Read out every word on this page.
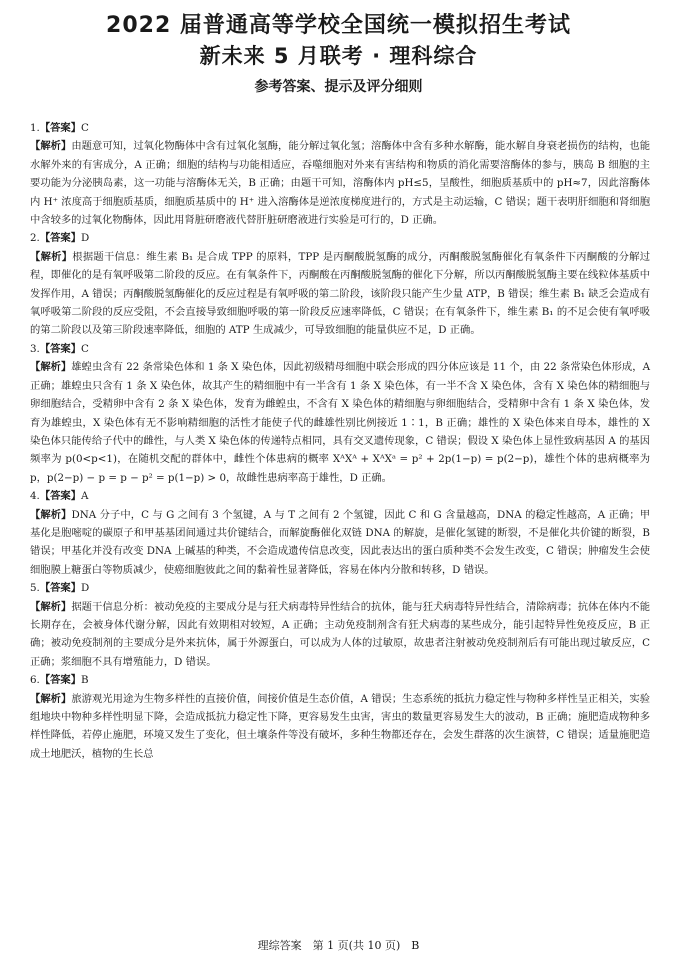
2022 届普通高等学校全国统一模拟招生考试
新未来 5 月联考 · 理科综合
参考答案、提示及评分细则

1.【答案】C

【解析】由题意可知，过氧化物酶体中含有过氧化氢酶，能分解过氧化氢；溶酶体中含有多种水解酶，能水解自身衰老损伤的结构，也能水解外来的有害成分，A 正确；细胞的结构与功能相适应，吞噬细胞对外来有害结构和物质的消化需要溶酶体的参与，胰岛 B 细胞的主要功能为分泌胰岛素，这一功能与溶酶体无关，B 正确；由题干可知，溶酶体内 pH≤5，呈酸性，细胞质基质中的 pH≈7，因此溶酶体内 H⁺ 浓度高于细胞质基质，细胞质基质中的 H⁺ 进入溶酶体是逆浓度梯度进行的，方式是主动运输，C 错误；题干表明肝细胞和肾细胞中含较多的过氧化物酶体，因此用肾脏研磨液代替肝脏研磨液进行实验是可行的，D 正确。

2.【答案】D

【解析】根据题干信息：维生素 B₁ 是合成 TPP 的原料，TPP 是丙酮酸脱氢酶的成分，丙酮酸脱氢酶催化有氧条件下丙酮酸的分解过程，即催化的是有氧呼吸第二阶段的反应。在有氧条件下，丙酮酸在丙酮酸脱氢酶的催化下分解，所以丙酮酸脱氢酶主要在线粒体基质中发挥作用，A 错误；丙酮酸脱氢酶催化的反应过程是有氧呼吸的第二阶段，该阶段只能产生少量 ATP，B 错误；维生素 B₁ 缺乏会造成有氧呼吸第二阶段的反应受阻，不会直接导致细胞呼吸的第一阶段反应速率降低，C 错误；在有氧条件下，维生素 B₁ 的不足会使有氧呼吸的第二阶段以及第三阶段速率降低，细胞的 ATP 生成减少，可导致细胞的能量供应不足，D 正确。

3.【答案】C

【解析】雄蝗虫含有 22 条常染色体和 1 条 X 染色体，因此初级精母细胞中联会形成的四分体应该是 11 个，由 22 条常染色体形成，A 正确；雄蝗虫只含有 1 条 X 染色体，故其产生的精细胞中有一半含有 1 条 X 染色体，有一半不含 X 染色体，含有 X 染色体的精细胞与卵细胞结合，受精卵中含有 2 条 X 染色体，发育为雌蝗虫，不含有 X 染色体的精细胞与卵细胞结合，受精卵中含有 1 条 X 染色体，发育为雄蝗虫，X 染色体有无不影响精细胞的活性才能使子代的雌雄性别比例接近 1∶1，B 正确；雄性的 X 染色体来自母本，雄性的 X 染色体只能传给子代中的雌性，与人类 X 染色体的传递特点相同，具有交叉遗传现象，C 错误；假设 X 染色体上显性致病基因 A 的基因频率为 p(0<p<1)，在随机交配的群体中，雌性个体患病的概率 XᴬXᴬ + XᴬXᵃ = p² + 2p(1−p) = p(2−p)，雄性个体的患病概率为 p，p(2−p) − p = p − p² = p(1−p) > 0，故雌性患病率高于雄性，D 正确。

4.【答案】A

【解析】DNA 分子中，C 与 G 之间有 3 个氢键，A 与 T 之间有 2 个氢键，因此 C 和 G 含量越高，DNA 的稳定性越高，A 正确；甲基化是胞嘧啶的碳原子和甲基基团间通过共价键结合，而解旋酶催化双链 DNA 的解旋，是催化氢键的断裂，不是催化共价键的断裂，B 错误；甲基化并没有改变 DNA 上碱基的种类，不会造成遗传信息改变，因此表达出的蛋白质种类不会发生改变，C 错误；肿瘤发生会使细胞膜上糖蛋白等物质减少，使癌细胞彼此之间的黏着性显著降低，容易在体内分散和转移，D 错误。

5.【答案】D

【解析】据题干信息分析：被动免疫的主要成分是与狂犬病毒特异性结合的抗体，能与狂犬病毒特异性结合，清除病毒；抗体在体内不能长期存在，会被身体代谢分解，因此有效期相对较短，A 正确；主动免疫制剂含有狂犬病毒的某些成分，能引起特异性免疫反应，B 正确；被动免疫制剂的主要成分是外来抗体，属于外源蛋白，可以成为人体的过敏原，故患者注射被动免疫制剂后有可能出现过敏反应，C 正确；浆细胞不具有增殖能力，D 错误。

6.【答案】B

【解析】旅游观光用途为生物多样性的直接价值，间接价值是生态价值，A 错误；生态系统的抵抗力稳定性与物种多样性呈正相关，实验组地块中物种多样性明显下降，会造成抵抗力稳定性下降，更容易发生虫害，害虫的数量更容易发生大的波动，B 正确；施肥造成物种多样性降低，若停止施肥，环境又发生了变化，但土壤条件等没有破坏，多种生物都还存在，会发生群落的次生演替，C 错误；适量施肥造成土地肥沃，植物的生长总

理综答案　第 1 页(共 10 页)　B
